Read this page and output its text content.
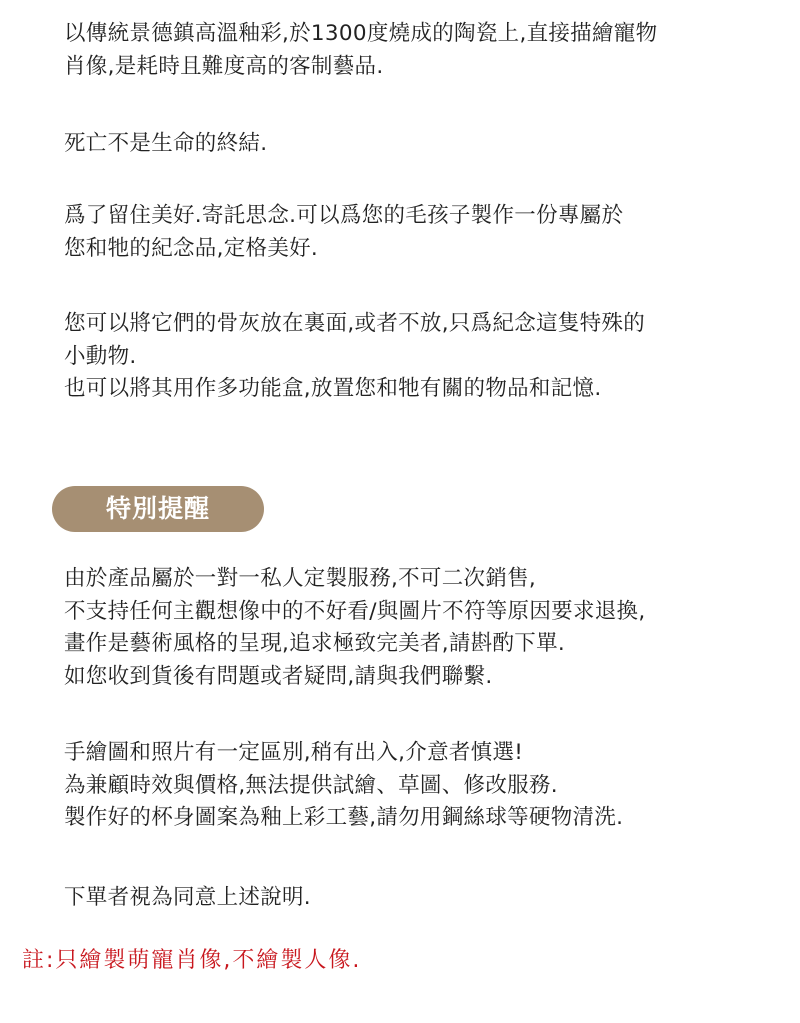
以傳統景德鎮高溫釉彩,於1300度燒成的陶瓷上,直接描繪寵物
肖像,是耗時且難度高的客制藝品.
死亡不是生命的終結.
爲了留住美好.寄託思念.可以爲您的毛孩子製作一份專屬於
您和牠的紀念品,定格美好.
您可以將它們的骨灰放在裏面,或者不放,只爲紀念這隻特殊的
小動物.
也可以將其用作多功能盒,放置您和牠有關的物品和記憶.
特別提醒
由於產品屬於一對一私人定製服務,不可二次銷售,
不支持任何主觀想像中的不好看/與圖片不符等原因要求退換,
畫作是藝術風格的呈現,追求極致完美者,請斟酌下單.
如您收到貨後有問題或者疑問,請與我們聯繫.
手繪圖和照片有一定區別,稍有出入,介意者慎選!
為兼顧時效與價格,無法提供試繪、草圖、修改服務.
製作好的杯身圖案為釉上彩工藝,請勿用鋼絲球等硬物清洗.
下單者視為同意上述說明.
註:只繪製萌寵肖像,不繪製人像.
